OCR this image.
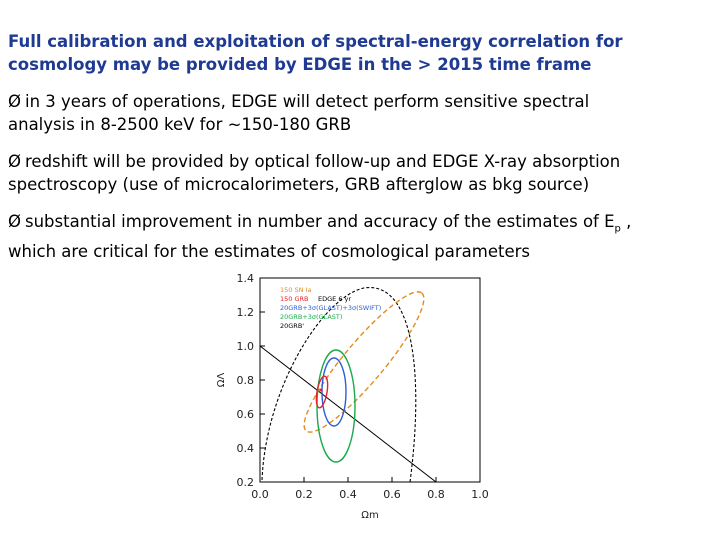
Full calibration and exploitation of spectral-energy correlation for
cosmology may be provided by EDGE in the > 2015 time frame
Ø in 3 years of operations, EDGE will detect perform sensitive spectral
analysis in 8-2500 keV for ~150-180 GRB
Ø redshift will be provided by optical follow-up and EDGE X-ray absorption
spectroscopy (use of microcalorimeters, GRB afterglow as bkg source)
Ø substantial improvement in number and accuracy of the estimates of $E_p$ ,
which are critical for the estimates of cosmological parameters
0.0 0.2 0.4 0.6 0.8 1.0
0.2
0.4
0.6
0.8
1.0
1.2
1.4
Ωm
ΩΛ
150 SN Ia
150 GRB
20GRB+3σ(GLAST)+3σ(SWIFT)
20GRB+3σ(GLAST)
20GRB'
EDGE 6 yr
